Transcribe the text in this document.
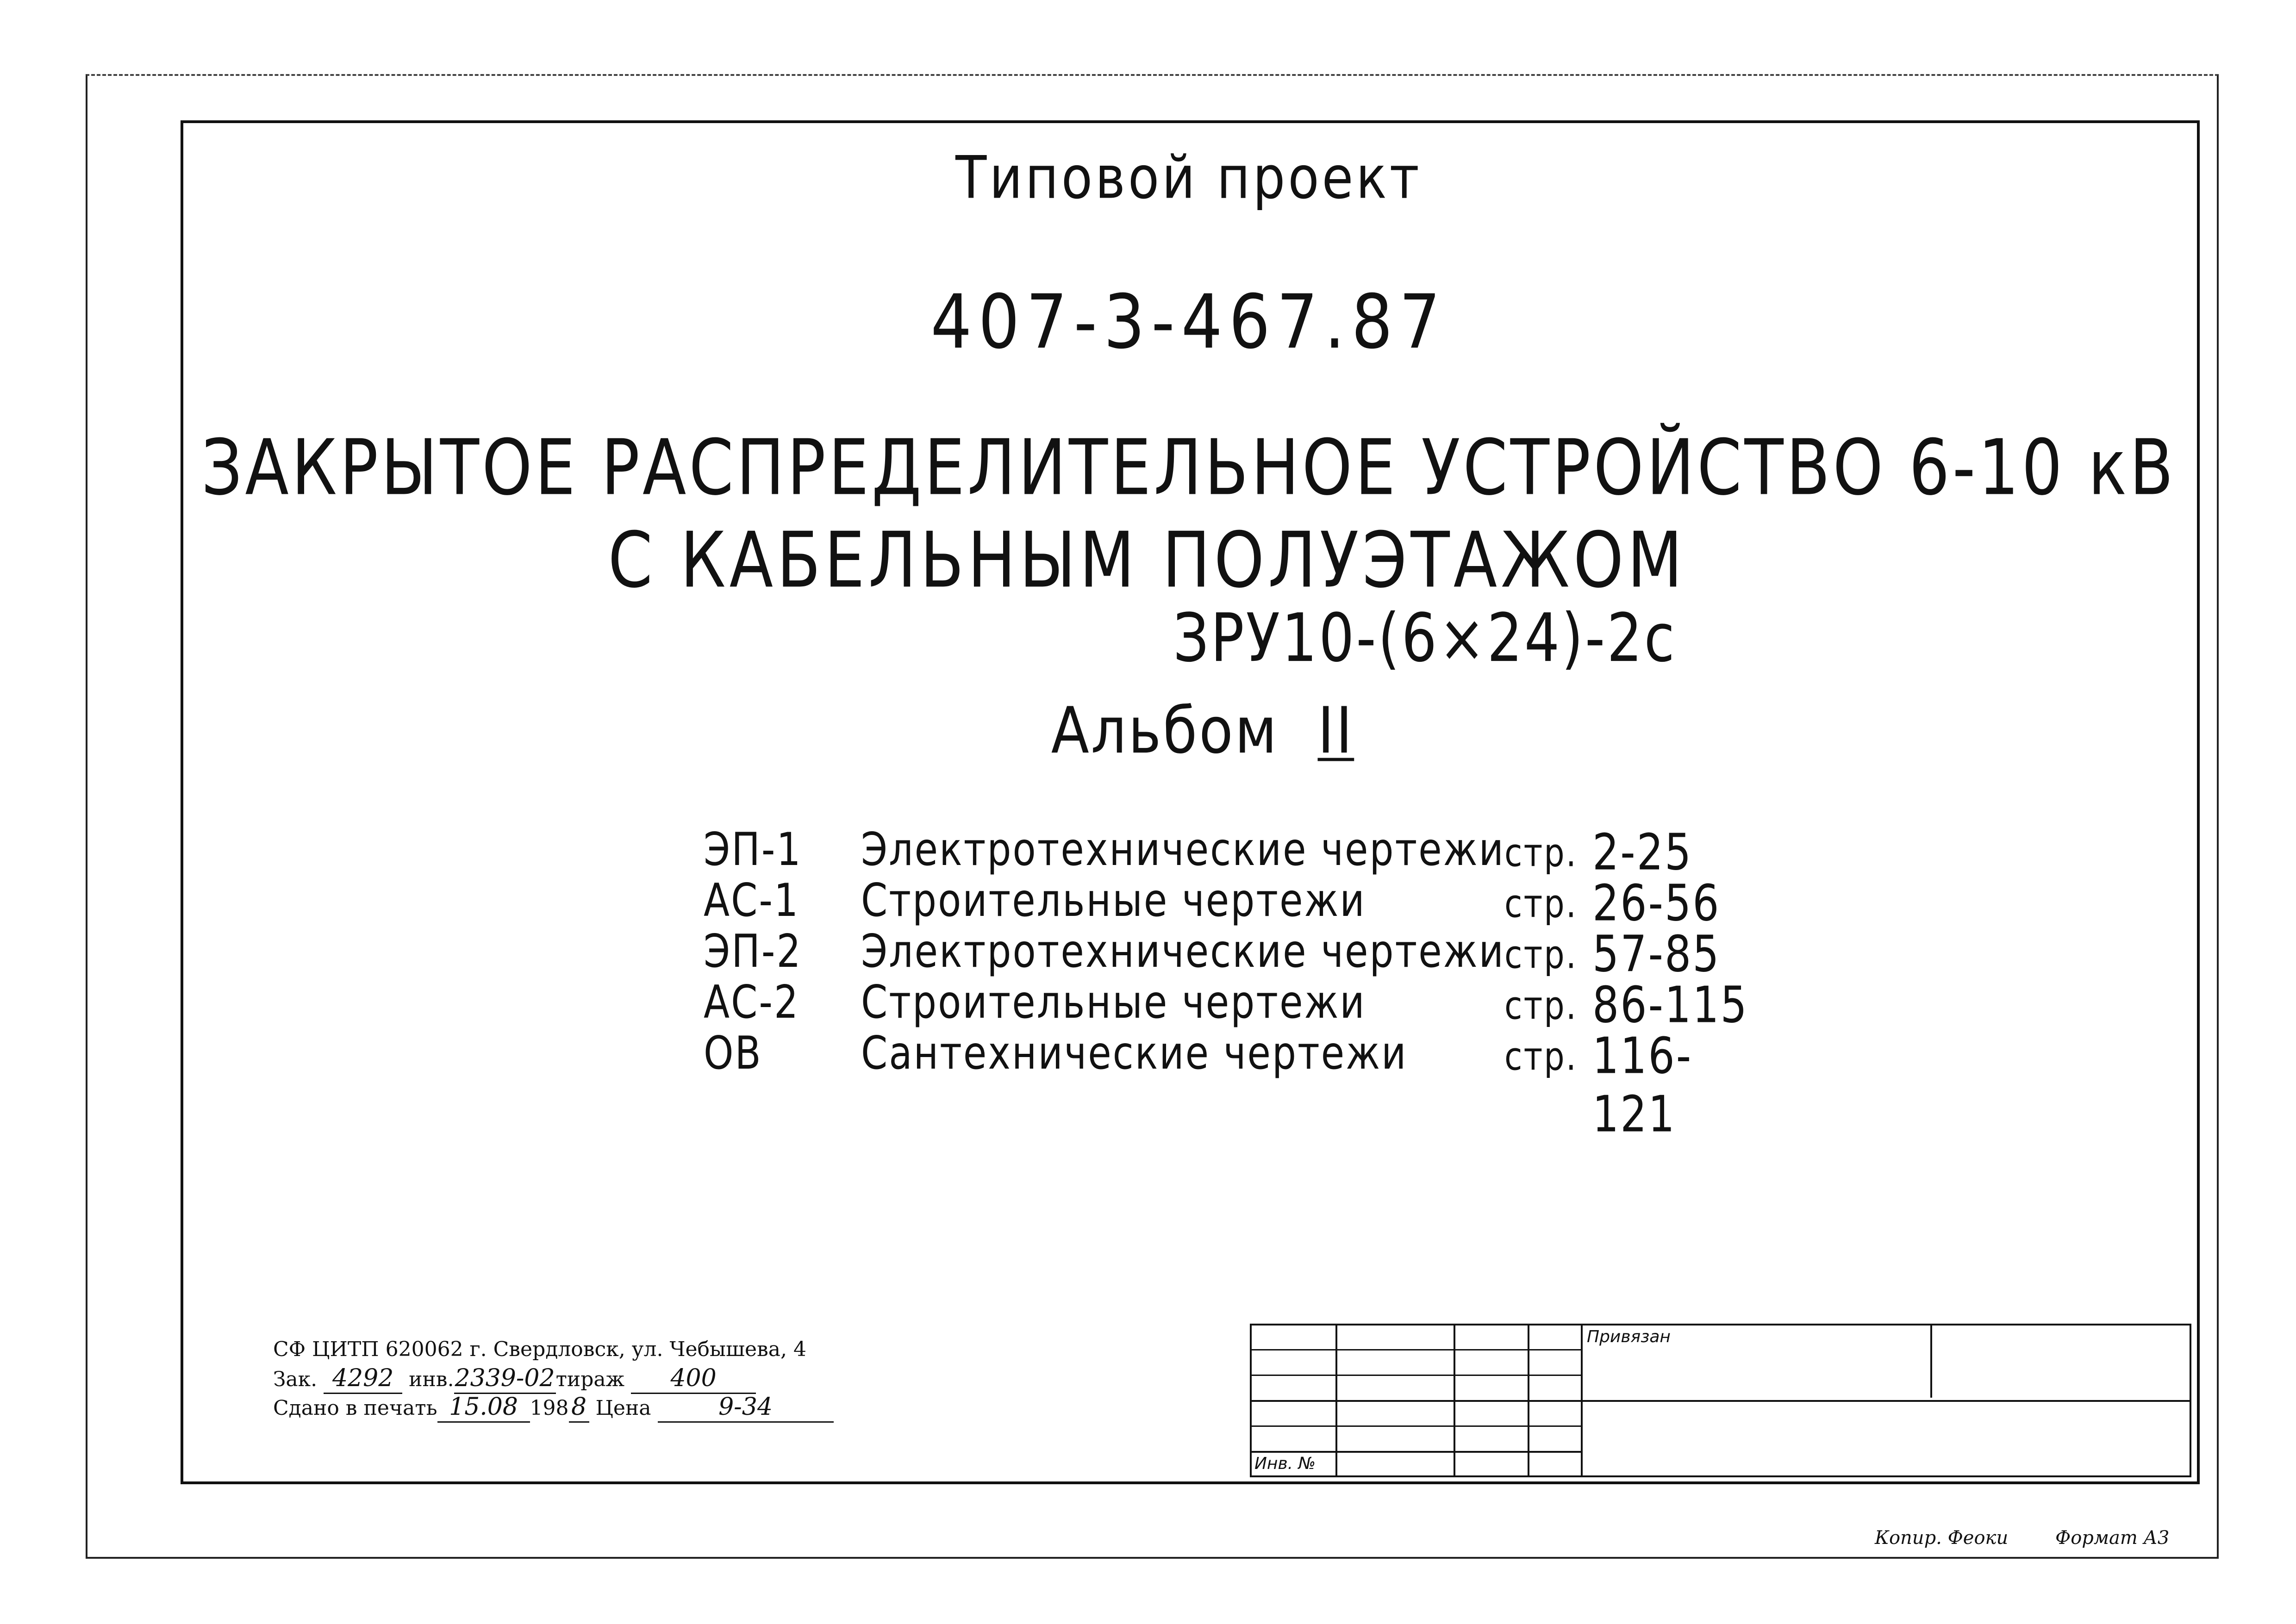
Типовой проект
407-3-467.87
ЗАКРЫТОЕ РАСПРЕДЕЛИТЕЛЬНОЕ УСТРОЙСТВО 6-10 кВ
С КАБЕЛЬНЫМ ПОЛУЭТАЖОМ
ЗРУ10-(6×24)-2с
Альбом II
ЭП-1 Электротехнические чертежи стр. 2-25
АС-1 Строительные чертежи	стр. 26-56
ЭП-2 Электротехнические чертежи стр. 57-85
АС-2 Строительные чертежи	стр. 86-115
ОВ	Сантехнические чертежи	стр. 116-121
СФ ЦИТП 620062 г. Свердловск, ул. Чебышева, 4
Зак. 4292 инв.2339-02тираж 400
Сдано в печать 15.08 198 8 Цена	9-34
Привязан
Инв. №
Копир. Феоки	Формат А3
